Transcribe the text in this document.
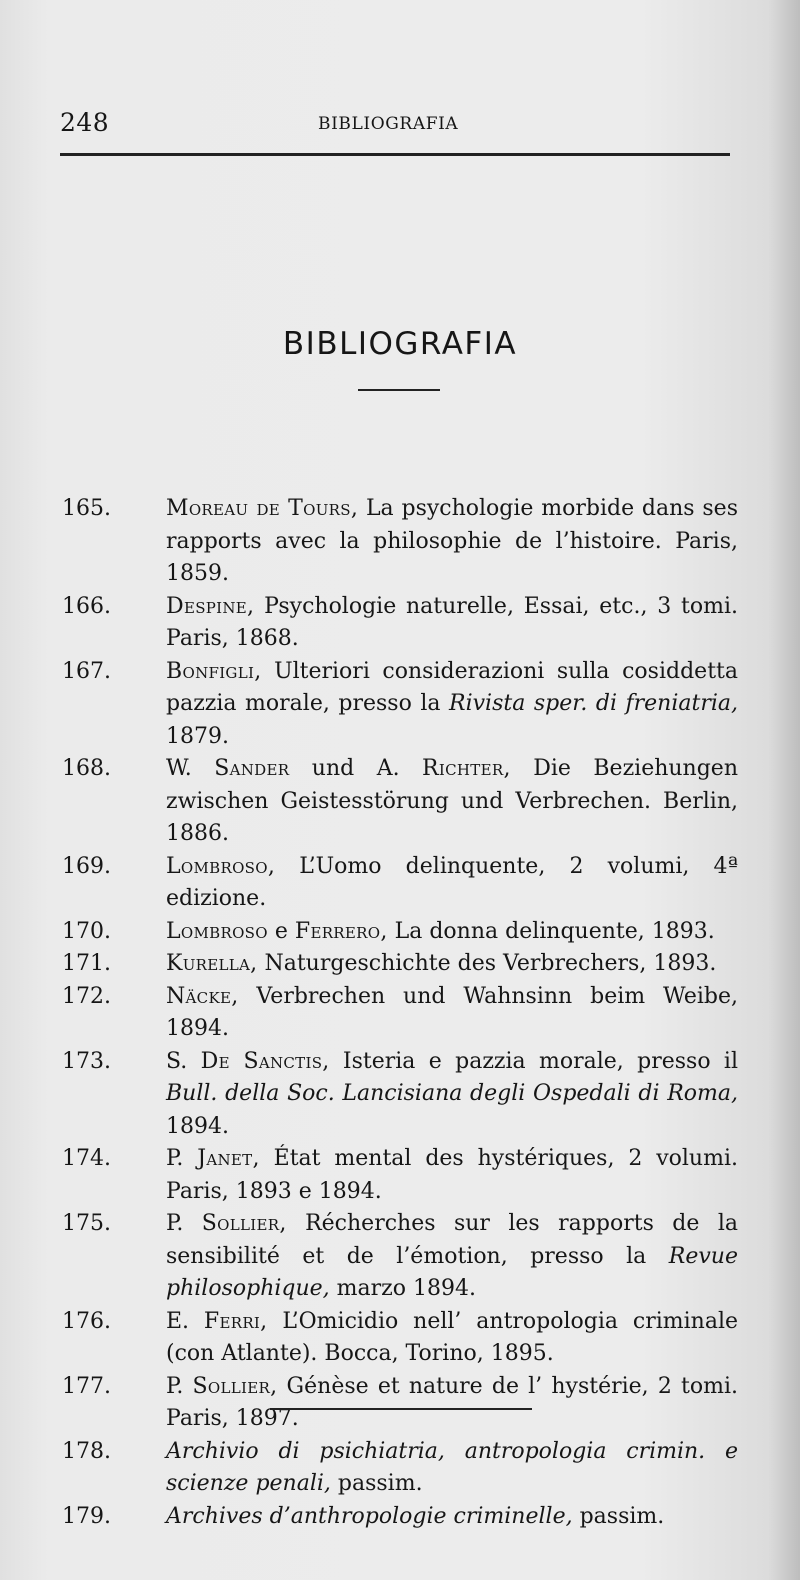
248	BIBLIOGRAFIA
BIBLIOGRAFIA
165.	Moreau de Tours, La psychologie morbide dans ses rapports avec la philosophie de l’histoire. Paris, 1859.
166.	Despine, Psychologie naturelle, Essai, etc., 3 tomi. Paris, 1868.
167.	Bonfigli, Ulteriori considerazioni sulla cosiddetta pazzia morale, presso la Rivista sper. di freniatria, 1879.
168.	W. Sander und A. Richter, Die Beziehungen zwischen Geistesstörung und Verbrechen. Berlin, 1886.
169.	Lombroso, L’Uomo delinquente, 2 volumi, 4ª edizione.
170.	Lombroso e Ferrero, La donna delinquente, 1893.
171.	Kurella, Naturgeschichte des Verbrechers, 1893.
172.	Näcke, Verbrechen und Wahnsinn beim Weibe, 1894.
173.	S. De Sanctis, Isteria e pazzia morale, presso il Bull. della Soc. Lancisiana degli Ospedali di Roma, 1894.
174.	P. Janet, État mental des hystériques, 2 volumi. Paris, 1893 e 1894.
175.	P. Sollier, Récherches sur les rapports de la sensibilité et de l’émotion, presso la Revue philosophique, marzo 1894.
176.	E. Ferri, L’Omicidio nell’ antropologia criminale (con Atlante). Bocca, Torino, 1895.
177.	P. Sollier, Génèse et nature de l’ hystérie, 2 tomi. Paris, 1897.
178.	Archivio di psichiatria, antropologia crimin. e scienze penali, passim.
179.	Archives d’anthropologie criminelle, passim.
